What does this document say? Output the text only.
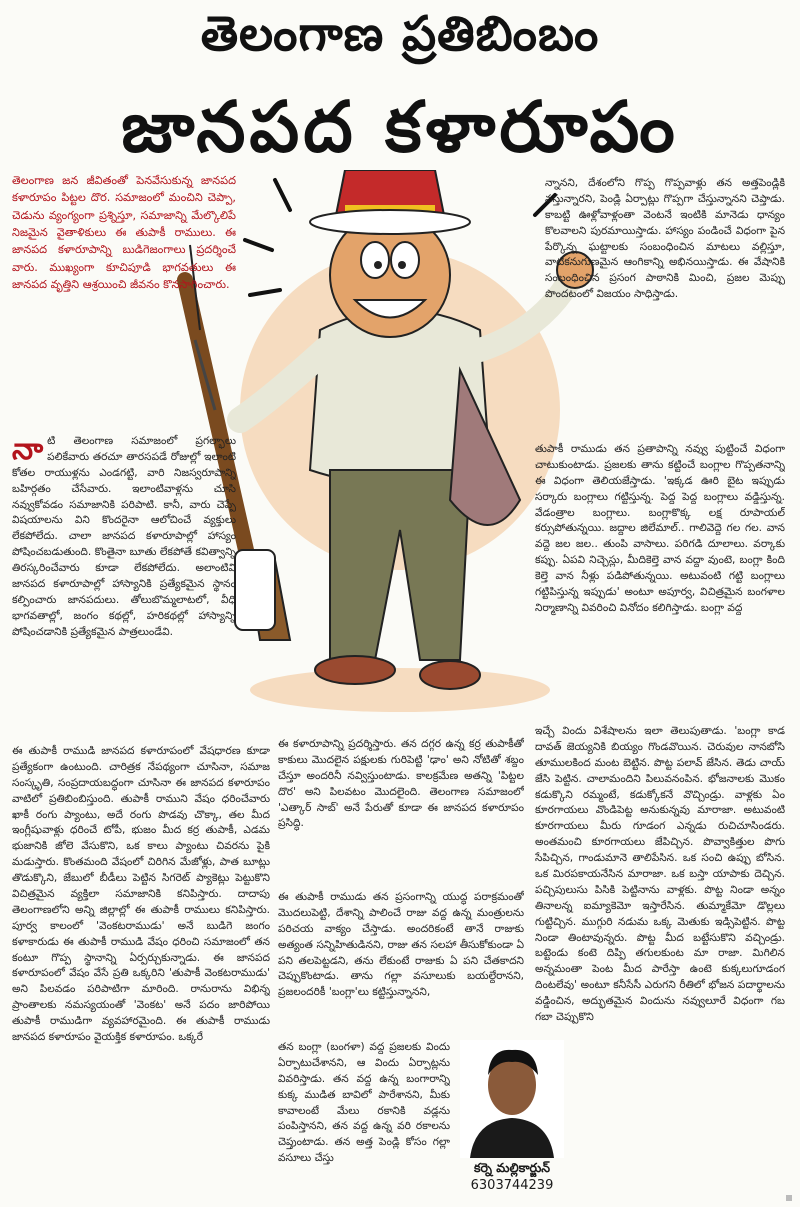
తెలంగాణ ప్రతిబింబం
జానపద కళారూపం
తెలంగాణ జన జీవితంతో పెనవేసుకున్న జానపద కళారూపం పిట్టల దొర. సమాజంలో మంచిని చెప్పా, చెడును వ్యంగ్యంగా ప్రశ్నిస్తూ, సమాజాన్ని మేల్కొలిపే నిజమైన వైతాళికులు ఈ తుపాకీ రాములు. ఈ జానపద కళారూపాన్ని బుడిగెజంగాలు ప్రదర్శించే వారు. ముఖ్యంగా కూచిపూడి భాగవతులు ఈ జానపద వృత్తిని ఆశ్రయించి జీవనం కొనసాగించారు.
నా టి తెలంగాణ సమాజంలో ప్రగల్భాలు పలికేవారు తరచూ తారసపడే రోజుల్లో ఇలాంటి కోతల రాయుళ్లను ఎండగట్టి, వారి నిజస్వరూపాన్ని బహిర్గతం చేసేవారు. ఇలాంటివాళ్లను చూసి నవ్వుకోవడం సమాజానికి పరిపాటి. కానీ, వారు చెప్పే విషయాలను విని కొందరైనా ఆలోచించే వ్యక్తులు లేకపోలేదు. చాలా జానపద కళారూపాల్లో హాస్యం పోషించబడుతుంది. కొంతైనా బూతు లేకపోతే కవిత్వాన్ని తిరస్కరించేవారు కూడా లేకపోలేదు. అలాంటివి జానపద కళారూపాల్లో హాస్యానికి ప్రత్యేకమైన స్థానం కల్పించారు జానపదులు. తోలుబొమ్మలాటలో, వీధి భాగవతాల్లో, జంగం కథల్లో, హరికథల్లో హాస్యాన్ని పోషించడానికి ప్రత్యేకమైన పాత్రలుండేవి.
ఈ తుపాకీ రాముడి జానపద కళారూపంలో వేషధారణ కూడా ప్రత్యేకంగా ఉంటుంది. చారిత్రక నేపథ్యంగా చూసినా, సమాజ సంస్కృతి, సంప్రదాయబద్ధంగా చూసినా ఈ జానపద కళారూపం వాటిలో ప్రతిబింబిస్తుంది. తుపాకీ రాముని వేషం ధరించేవారు ఖాకీ రంగు ప్యాంటు, అదే రంగు పొడవు చొక్కా, తల మీద ఇంగ్లీషువాళ్లు ధరించే టోపీ, భుజం మీద కర్ర తుపాకీ, ఎడమ భుజానికి జోలె వేసుకొని, ఒక కాలు ప్యాంటు చివరను పైకి మడుస్తారు. కొంతమంది వేషంలో చిరిగిన మేజోళ్లు, పాత బూట్లు తొడుక్కొని, జేబులో బీడీలు పెట్టిన సిగరెట్ ప్యాకెట్లు పెట్టుకొని విచిత్రమైన వ్యక్తిలా సమాజానికి కనిపిస్తారు. దాదాపు తెలంగాణలోని అన్ని జిల్లాల్లో ఈ తుపాకీ రాములు కనిపిస్తారు. పూర్వ కాలంలో 'వెంకటరాముడు' అనే బుడిగె జంగం కళాకారుడు ఈ తుపాకీ రాముడి వేషం ధరించి సమాజంలో తన కంటూ గొప్ప స్థానాన్ని ఏర్పర్చుకున్నాడు. ఈ జానపద కళారూపంలో వేషం వేసే ప్రతి ఒక్కరిని 'తుపాకీ వెంకటరాముడు' అని పిలవడం పరిపాటిగా మారింది. రానురాను విభిన్న ప్రాంతాలకు నమస్యయంతో 'వెంకట' అనే పదం జారిపోయి తుపాకీ రాముడిగా వ్యవహారమైంది. ఈ తుపాకీ రాముడు జానపద కళారూపం వైయక్తిక కళారూపం. ఒక్కరే
ఈ కళారూపాన్ని ప్రదర్శిస్తారు. తన దగ్గర ఉన్న కర్ర తుపాకీతో కాకులు మొదలైన పక్షులకు గురిపెట్టి 'ఢాం' అని నోటితో శబ్దం చేస్తూ అందరినీ నవ్విస్తుంటాడు. కాలక్రమేణ అతన్ని 'పిట్టల దొర' అని పిలవటం మొదలైంది. తెలంగాణ సమాజంలో 'ఎత్కార్ సాబ్' అనే పేరుతో కూడా ఈ జానపద కళారూపం ప్రసిద్ధి.
ఈ తుపాకీ రాముడు తన ప్రసంగాన్ని యుద్ధ పరాక్రమంతో మొదలుపెట్టి, దేశాన్ని పాలించే రాజు వద్ద ఉన్న మంత్రులను పరిచయ వాక్యం చేస్తాడు. అందరికంటే తానే రాజుకు అత్యంత సన్నిహితుడినని, రాజు తన సలహా తీసుకోకుండా ఏ పని తలపెట్టడని, తను లేకుంటే రాజుకు ఏ పని చేతకాదని చెప్పుకొంటాడు. తాను గల్లా వసూలుకు బయల్దేరానని, ప్రజలందరికీ 'బంగ్లా'లు కట్టిస్తున్నానని,
తన బంగ్లా (బంగళా) వద్ద ప్రజలకు విందు ఏర్పాటుచేశానని, ఆ విందు ఏర్పాట్లను వివరిస్తాడు. తన వద్ద ఉన్న బంగారాన్ని కుక్క ముడిత బావిలో పారేశానని, మీకు కావాలంటే మేలు రకానికి వడ్లను పంపిస్తానని, తన వద్ద ఉన్న వరి రకాలను చెప్తుంటాడు. తన అత్త పెండ్లి కోసం గల్లా వసూలు చేస్తు
న్నానని, దేశంలోని గొప్ప గొప్పవాళ్లు తన అత్తపెండ్లికి వస్తున్నారని, పెండ్లి ఏర్పాట్లు గొప్పగా చేస్తున్నానని చెప్తాడు. కాబట్టి ఊళ్లోవాళ్లంతా వెంటనే ఇంటికి మానెడు ధాన్యం కొలవాలని పురమాయిస్తాడు. హాస్యం పండించే విధంగా పైన పేర్కొన్న ఘట్టాలకు సంబంధించిన మాటలు వల్లిస్తూ, వాటికనుగుణమైన ఆంగికాన్ని అభినయిస్తాడు. ఈ వేషానికి సంబంధించిన ప్రసంగ పాఠానికి మించి, ప్రజల మెప్పు పొందటంలో విజయం సాధిస్తాడు.
తుపాకీ రాముడు తన ప్రతాపాన్ని నవ్వు పుట్టించే విధంగా చాటుకుంటాడు. ప్రజలకు తాను కట్టించే బంగ్లాల గొప్పతనాన్ని ఈ విధంగా తెలియజేస్తాడు. 'ఇక్కడ ఊరి బైట ఇప్పుడు సర్కారు బంగ్లాలు గట్టిస్తున్న. పెద్ద పెద్ద బంగ్లాలు వడ్డిస్తున్న. వేడంత్రాల బంగ్లాలు. బంగ్లాకొక్క లక్ష రూపాయల్ కర్సుపోతున్నయి. జద్దాల జిలేమాల్.. గాలివెద్దె గల గల. వాన వద్దె జల జల.. తుంపి వాసాలు. పరిగడి దూలాలు. వర్కాకు కప్పు. ఏపవి నిచ్చెస్లు, మీదికెల్తె వాన వద్దా వుంటె, బంగ్లా కింది కెల్తె వాన నీళ్లు పడిపోతున్నయి. అటువంటి గట్టి బంగ్లాలు గట్టిపిస్తున్న ఇప్పుడు' అంటూ అపూర్వ, విచిత్రమైన బంగళాల నిర్మాణాన్ని వివరించి వినోదం కలిగిస్తాడు. బంగ్లా వద్ద
ఇచ్చే విందు విశేషాలను ఇలా తెలుపుతాడు. 'బంగ్లా కాడ దావత్ జెయ్యనికి బియ్యం గొండవొయిన. చెరువుల నానబోసి తూములకింద మంట బెట్టిన. పొట్ట పలావ్ జేసిన. తెడు చాయ్ జేసి పెట్టిన. చాలామందిని పిలువనంపిన. భోజనాలకు మొకం కడుక్కొని రమ్మంటే, కడుక్కోకనే వొచ్చిండ్రు. వాళ్లకు ఏం కూరగాయలు వొండిపెట్ట అనుకున్నవు మారాజా. అటువంటి కూరగాయలు మీరు గూడంగ ఎన్నడు రుచిచూసిండరు. అంతమంచి కూరగాయలు జేపిచ్చిన. పొవ్వాకిత్తుల పొగు సేపిచ్చిన, గాండుమానె తాలిపేసిన. ఒక సంచి ఉప్పు బోసిన. ఒక మిరపకాయనేసిన మారాజా. ఒక బస్తా యాపాకు దెచ్చిన. పచ్చిపులుసు పిసికి పెట్టినాను వాళ్లకు. పొట్ట నిండా అన్నం తినాలన్న ఐమ్యాకెమో ఇస్తారేసిన. తుమ్మాకేమో డొల్లలు గుట్టిచ్చిన. ముగ్గురి నడుమ ఒక్క మెతుకు ఇడ్సిపెట్టిన. పొట్ట నిండా తింటావున్నరు. పొట్ట మీద బట్టేసుకొని వచ్చిండ్రు. బట్టెండు కంటె దిప్పి తగులకుంట మా రాజా. మిగిలిన అన్నమంతా పెంట మీద పారేస్తా ఉంటె కుక్కలుగూడంగ దింటలేవు' అంటూ కనీసేసీ ఎరుగని రీతిలో భోజన పదార్థాలను వడ్డించిన, అద్భుతమైన విందును నవ్వులూరే విధంగా గబ గబా చెప్పుకొని
కర్నె మల్లికార్జున్
6303744239
